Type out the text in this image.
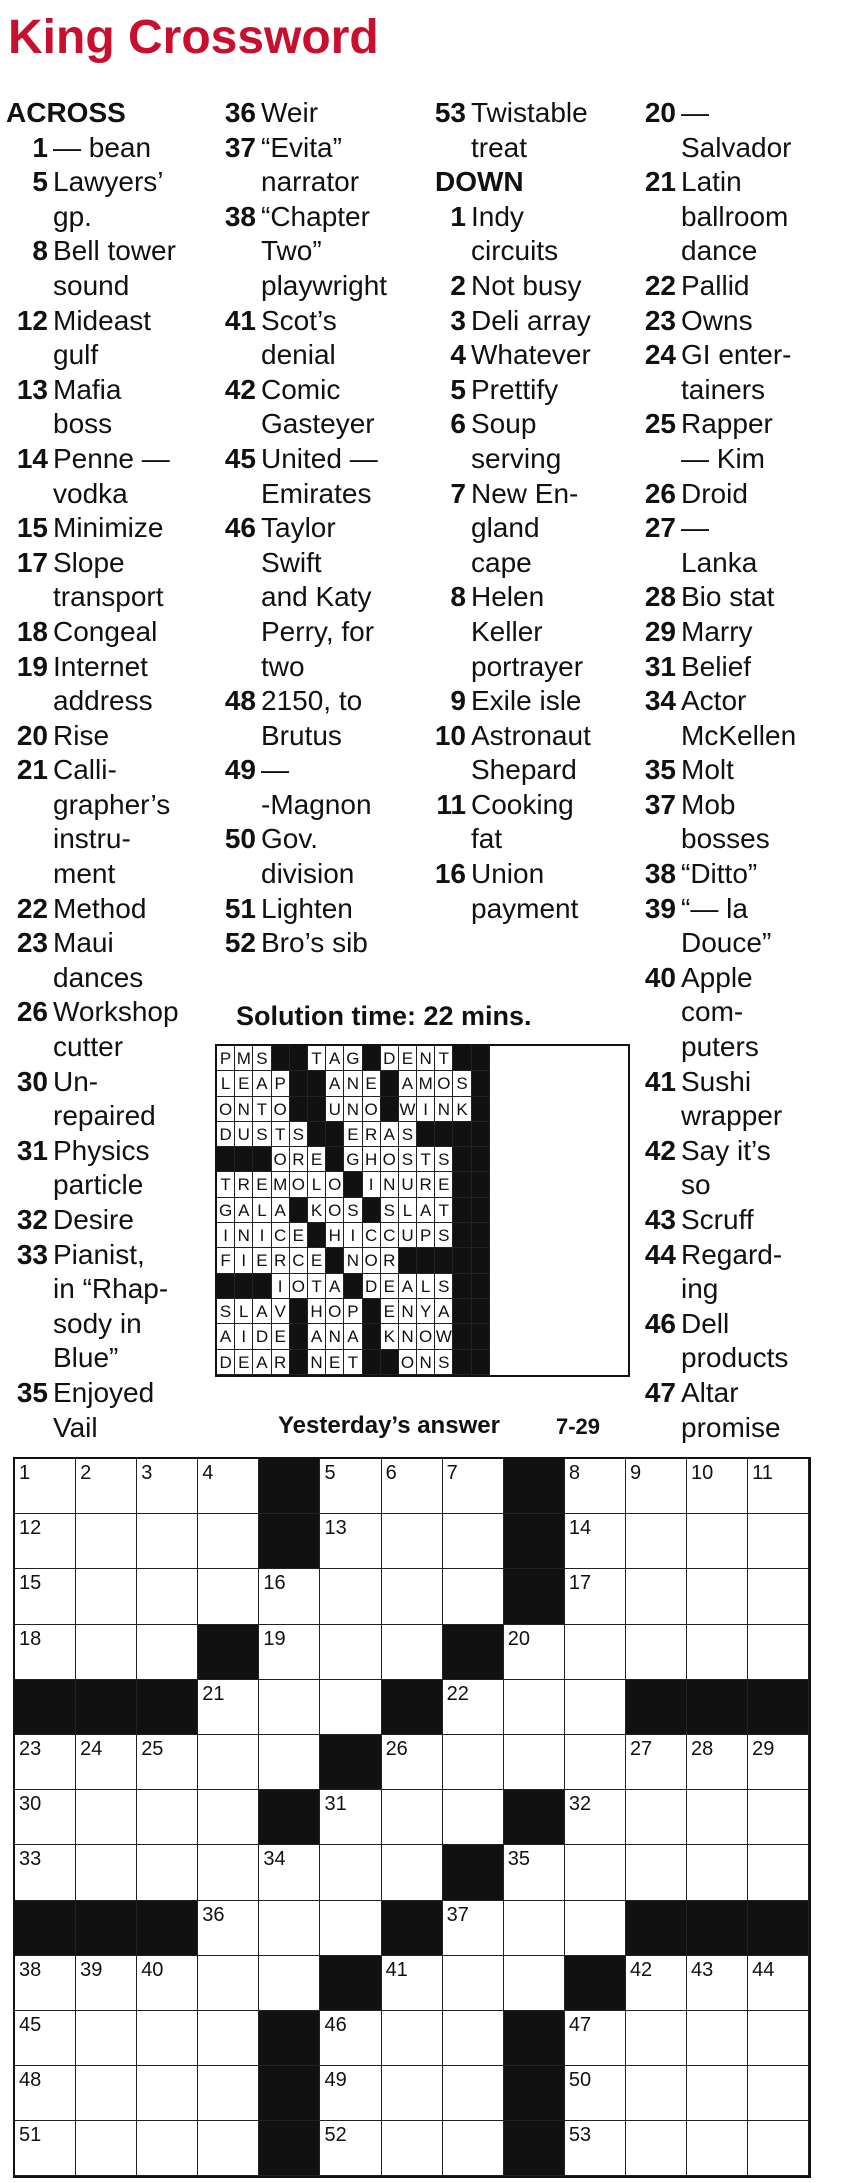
King Crossword
ACROSS
1 — bean
5 Lawyers’
gp.
8 Bell tower
sound
12 Mideast
gulf
13 Mafia
boss
14 Penne —
vodka
15 Minimize
17 Slope
transport
18 Congeal
19 Internet
address
20 Rise
21 Calli-
grapher’s
instru-
ment
22 Method
23 Maui
dances
26 Workshop
cutter
30 Un-
repaired
31 Physics
particle
32 Desire
33 Pianist,
in “Rhap-
sody in
Blue”
35 Enjoyed
Vail
36 Weir
37 “Evita”
narrator
38 “Chapter
Two”
playwright
41 Scot’s
denial
42 Comic
Gasteyer
45 United —
Emirates
46 Taylor
Swift
and Katy
Perry, for
two
48 2150, to
Brutus
49 —
-Magnon
50 Gov.
division
51 Lighten
52 Bro’s sib
53 Twistable
treat
DOWN
1 Indy
circuits
2 Not busy
3 Deli array
4 Whatever
5 Prettify
6 Soup
serving
7 New En-
gland
cape
8 Helen
Keller
portrayer
9 Exile isle
10 Astronaut
Shepard
11 Cooking
fat
16 Union
payment
20 —
Salvador
21 Latin
ballroom
dance
22 Pallid
23 Owns
24 GI enter-
tainers
25 Rapper
— Kim
26 Droid
27 —
Lanka
28 Bio stat
29 Marry
31 Belief
34 Actor
McKellen
35 Molt
37 Mob
bosses
38 “Ditto”
39 “— la
Douce”
40 Apple
com-
puters
41 Sushi
wrapper
42 Say it’s
so
43 Scruff
44 Regard-
ing
46 Dell
products
47 Altar
promise
Solution time: 22 mins.
P M S	T A G D E N T
L E A P	A N E A M O S
O N T O U N O W I N K
D U S T S	E R A S
O R E G H O S T S
T R E M O L O	I N U R E
G A L A K O S S L A T
I N I C E H I C C U P S
F I E R C E N O R
I O T A D E A L S
S L A V H O P E N Y A
A I D E A N A K N O W
D E A R N E T	O N S
Yesterday’s answer	7-29
1 2 3 4	5 6 7	8 9 10 11
12	13	14
15	16	17
18	19	20
21	22
23 24 25	26	27 28 29
30	31	32
33	34	35
36	37
38 39 40	41	42 43 44
45	46	47
48	49	50
51	52	53
